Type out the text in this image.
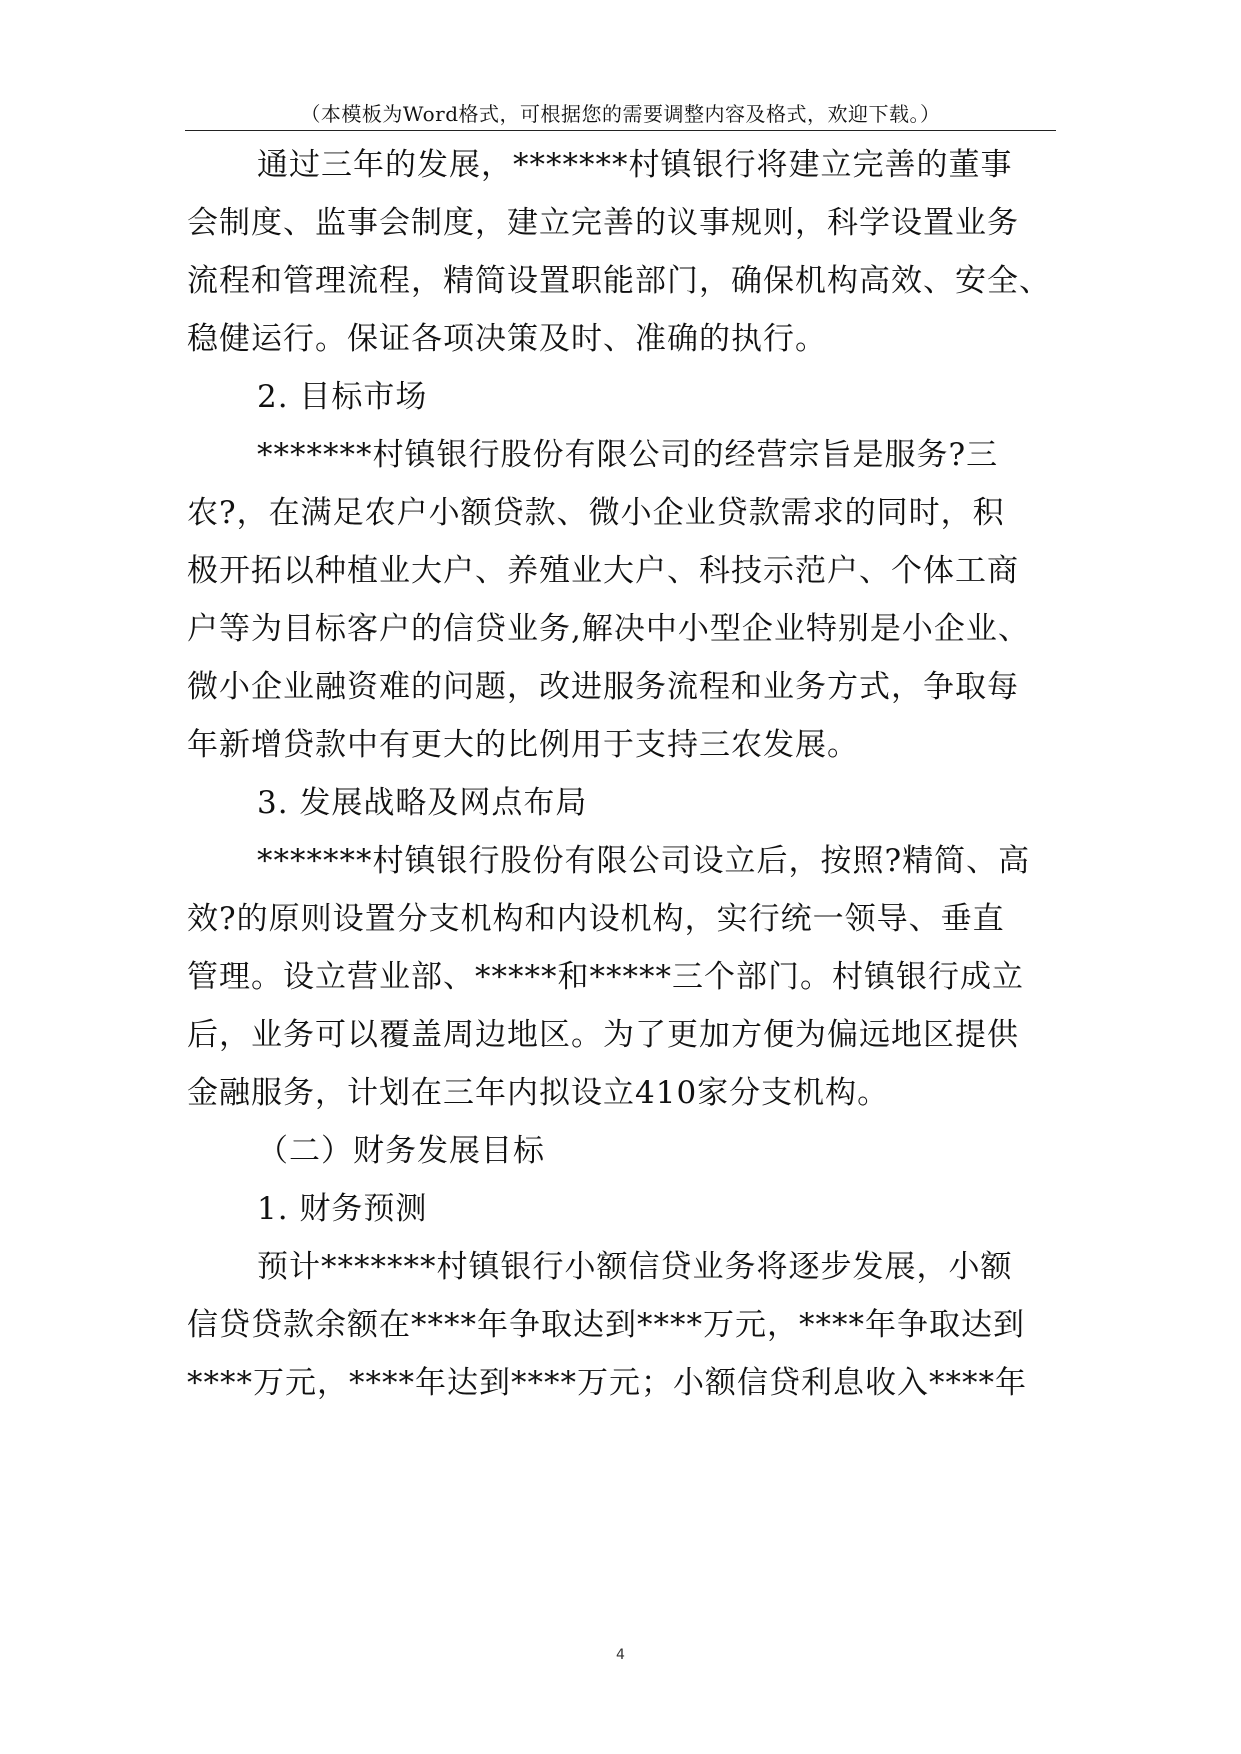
（本模板为Word格式，可根据您的需要调整内容及格式，欢迎下载。）
通过三年的发展，*******村镇银行将建立完善的董事
会制度、监事会制度，建立完善的议事规则，科学设置业务
流程和管理流程，精简设置职能部门，确保机构高效、安全、
稳健运行。保证各项决策及时、准确的执行。
2. 目标市场
*******村镇银行股份有限公司的经营宗旨是服务?三
农?，在满足农户小额贷款、微小企业贷款需求的同时，积
极开拓以种植业大户、养殖业大户、科技示范户、个体工商
户等为目标客户的信贷业务,解决中小型企业特别是小企业、
微小企业融资难的问题，改进服务流程和业务方式，争取每
年新增贷款中有更大的比例用于支持三农发展。
3. 发展战略及网点布局
*******村镇银行股份有限公司设立后，按照?精简、高
效?的原则设置分支机构和内设机构，实行统一领导、垂直
管理。设立营业部、*****和*****三个部门。村镇银行成立
后，业务可以覆盖周边地区。为了更加方便为偏远地区提供
金融服务，计划在三年内拟设立410家分支机构。
（二）财务发展目标
1. 财务预测
预计*******村镇银行小额信贷业务将逐步发展，小额
信贷贷款余额在****年争取达到****万元，****年争取达到
****万元，****年达到****万元；小额信贷利息收入****年
4
